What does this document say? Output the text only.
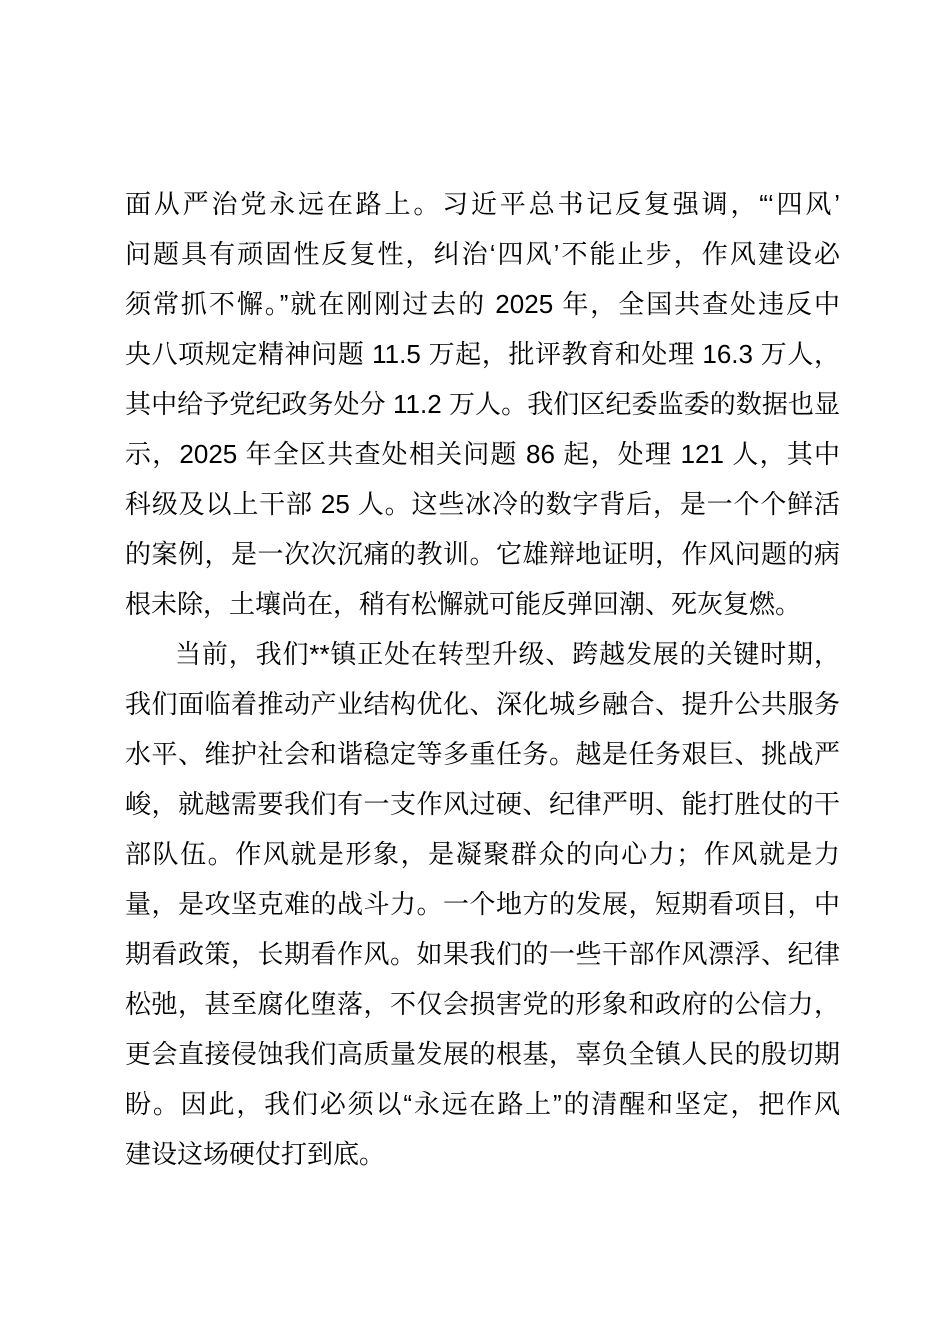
面从严治党永远在路上。习近平总书记反复强调，“‘四风’
问题具有顽固性反复性，纠治‘四风’不能止步，作风建设必
须常抓不懈。”就在刚刚过去的 2025 年，全国共查处违反中
央八项规定精神问题 11.5 万起，批评教育和处理 16.3 万人，
其中给予党纪政务处分 11.2 万人。我们区纪委监委的数据也显
示，2025 年全区共查处相关问题 86 起，处理 121 人，其中
科级及以上干部 25 人。这些冰冷的数字背后，是一个个鲜活
的案例，是一次次沉痛的教训。它雄辩地证明，作风问题的病
根未除，土壤尚在，稍有松懈就可能反弹回潮、死灰复燃。
当前，我们**镇正处在转型升级、跨越发展的关键时期，
我们面临着推动产业结构优化、深化城乡融合、提升公共服务
水平、维护社会和谐稳定等多重任务。越是任务艰巨、挑战严
峻，就越需要我们有一支作风过硬、纪律严明、能打胜仗的干
部队伍。作风就是形象，是凝聚群众的向心力；作风就是力
量，是攻坚克难的战斗力。一个地方的发展，短期看项目，中
期看政策，长期看作风。如果我们的一些干部作风漂浮、纪律
松弛，甚至腐化堕落，不仅会损害党的形象和政府的公信力，
更会直接侵蚀我们高质量发展的根基，辜负全镇人民的殷切期
盼。因此，我们必须以“永远在路上”的清醒和坚定，把作风
建设这场硬仗打到底。
